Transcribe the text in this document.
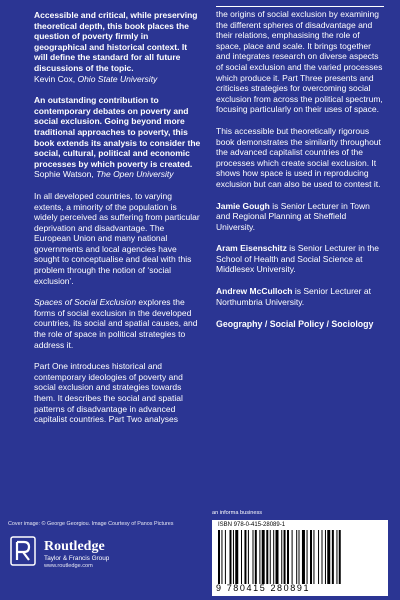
Accessible and critical, while preserving theoretical depth, this book places the question of poverty firmly in geographical and historical context. It will define the standard for all future discussions of the topic.
Kevin Cox, Ohio State University

An outstanding contribution to contemporary debates on poverty and social exclusion. Going beyond more traditional approaches to poverty, this book extends its analysis to consider the social, cultural, political and economic processes by which poverty is created.
Sophie Watson, The Open University

In all developed countries, to varying extents, a minority of the population is widely perceived as suffering from particular deprivation and disadvantage. The European Union and many national governments and local agencies have sought to conceptualise and deal with this problem through the notion of ‘social exclusion’.

Spaces of Social Exclusion explores the forms of social exclusion in the developed countries, its social and spatial causes, and the role of space in political strategies to address it.

Part One introduces historical and contemporary ideologies of poverty and social exclusion and strategies towards them. It describes the social and spatial patterns of disadvantage in advanced capitalist countries. Part Two analyses

the origins of social exclusion by examining the different spheres of disadvantage and their relations, emphasising the role of space, place and scale. It brings together and integrates research on diverse aspects of social exclusion and the varied processes which produce it. Part Three presents and criticises strategies for overcoming social exclusion from across the political spectrum, focusing particularly on their uses of space.

This accessible but theoretically rigorous book demonstrates the similarity throughout the advanced capitalist countries of the processes which create social exclusion. It shows how space is used in reproducing exclusion but can also be used to contest it.

Jamie Gough is Senior Lecturer in Town and Regional Planning at Sheffield University.

Aram Eisenschitz is Senior Lecturer in the School of Health and Social Science at Middlesex University.

Andrew McCulloch is Senior Lecturer at Northumbria University.

Geography / Social Policy / Sociology
Cover image: © George Georgiou. Image Courtesy of Panos Pictures
Routledge
Taylor & Francis Group
www.routledge.com
an informa business
ISBN 978-0-415-28089-1
9 780415 280891
